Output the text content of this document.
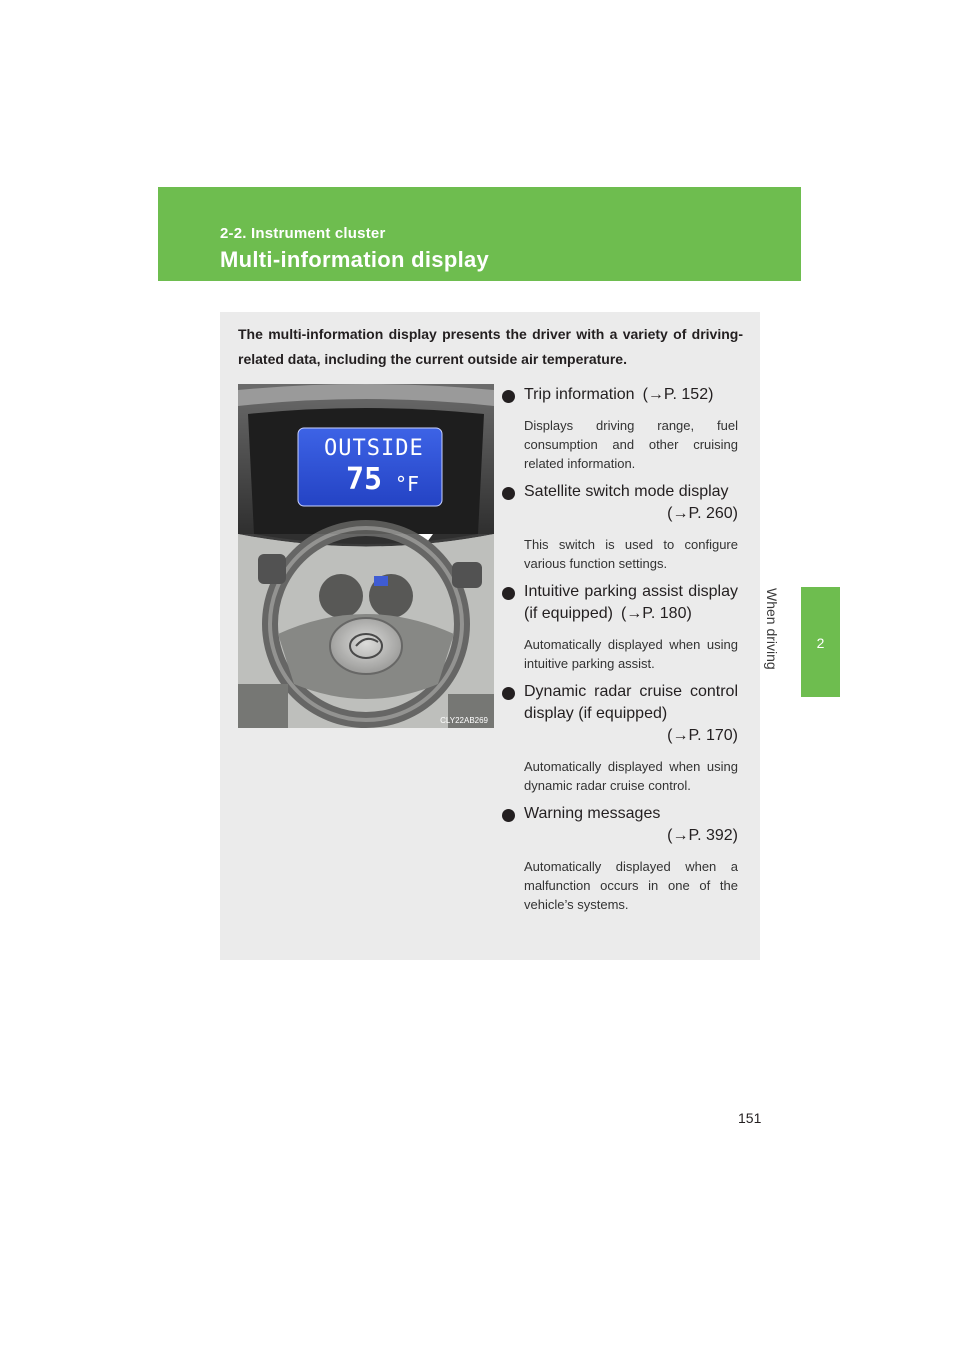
2-2. Instrument cluster
Multi-information display
2
When driving
The multi-information display presents the driver with a variety of driving-related data, including the current outside air temperature.
OUTSIDE
75 °F
CLY22AB269
Trip information (→P. 152)
Displays driving range, fuel consumption and other cruising related information.
Satellite switch mode display
(→P. 260)
This switch is used to configure various function settings.
Intuitive parking assist display (if equipped) (→P. 180)
Automatically displayed when using intuitive parking assist.
Dynamic radar cruise control display (if equipped)
(→P. 170)
Automatically displayed when using dynamic radar cruise control.
Warning messages
(→P. 392)
Automatically displayed when a malfunction occurs in one of the vehicle’s systems.
151
